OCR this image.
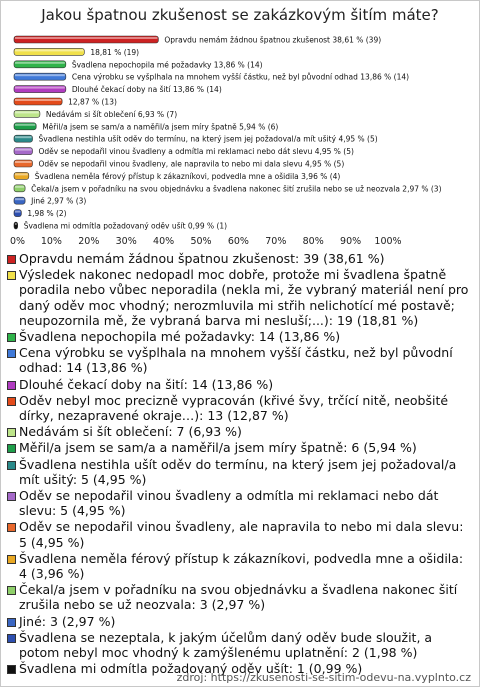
Jakou špatnou zkušenost se zakázkovým šitím máte?
Opravdu nemám žádnou špatnou zkušenost 38,61 % (39)
18,81 % (19)
Švadlena nepochopila mé požadavky 13,86 % (14)
Cena výrobku se vyšplhala na mnohem vyšší částku, než byl původní odhad 13,86 % (14)
Dlouhé čekací doby na šití 13,86 % (14)
12,87 % (13)
Nedávám si šít oblečení 6,93 % (7)
Měřil/a jsem se sam/a a naměřil/a jsem míry špatně 5,94 % (6)
Švadlena nestihla ušít oděv do termínu, na který jsem jej požadoval/a mít ušitý 4,95 % (5)
Oděv se nepodařil vinou švadleny a odmítla mi reklamaci nebo dát slevu 4,95 % (5)
Oděv se nepodařil vinou švadleny, ale napravila to nebo mi dala slevu 4,95 % (5)
Švadlena neměla férový přístup k zákazníkovi, podvedla mne a ošidila 3,96 % (4)
Čekal/a jsem v pořadníku na svou objednávku a švadlena nakonec šití zrušila nebo se už neozvala 2,97 % (3)
Jiné 2,97 % (3)
1,98 % (2)
Švadlena mi odmítla požadovaný oděv ušít 0,99 % (1)
0% 10% 20% 30% 40% 50% 60% 70% 80% 90% 100%
Opravdu nemám žádnou špatnou zkušenost: 39 (38,61 %)
Výsledek nakonec nedopadl moc dobře, protože mi švadlena špatně poradila nebo vůbec neporadila (nekla mi, že vybraný materiál není pro daný oděv moc vhodný; nerozmluvila mi střih nelichotící mé postavě; neupozornila mě, že vybraná barva mi nesluší;...): 19 (18,81 %)
Švadlena nepochopila mé požadavky: 14 (13,86 %)
Cena výrobku se vyšplhala na mnohem vyšší částku, než byl původní odhad: 14 (13,86 %)
Dlouhé čekací doby na šití: 14 (13,86 %)
Oděv nebyl moc precizně vypracován (křivé švy, trčící nitě, neobšité dírky, nezapravené okraje…): 13 (12,87 %)
Nedávám si šít oblečení: 7 (6,93 %)
Měřil/a jsem se sam/a a naměřil/a jsem míry špatně: 6 (5,94 %)
Švadlena nestihla ušít oděv do termínu, na který jsem jej požadoval/a mít ušitý: 5 (4,95 %)
Oděv se nepodařil vinou švadleny a odmítla mi reklamaci nebo dát slevu: 5 (4,95 %)
Oděv se nepodařil vinou švadleny, ale napravila to nebo mi dala slevu: 5 (4,95 %)
Švadlena neměla férový přístup k zákazníkovi, podvedla mne a ošidila: 4 (3,96 %)
Čekal/a jsem v pořadníku na svou objednávku a švadlena nakonec šití zrušila nebo se už neozvala: 3 (2,97 %)
Jiné: 3 (2,97 %)
Švadlena se nezeptala, k jakým účelům daný oděv bude sloužit, a potom nebyl moc vhodný k zamýšlenému uplatnění: 2 (1,98 %)
Švadlena mi odmítla požadovaný oděv ušít: 1 (0,99 %)
zdroj: https://zkusenosti-se-sitim-odevu-na.vyplnto.cz
